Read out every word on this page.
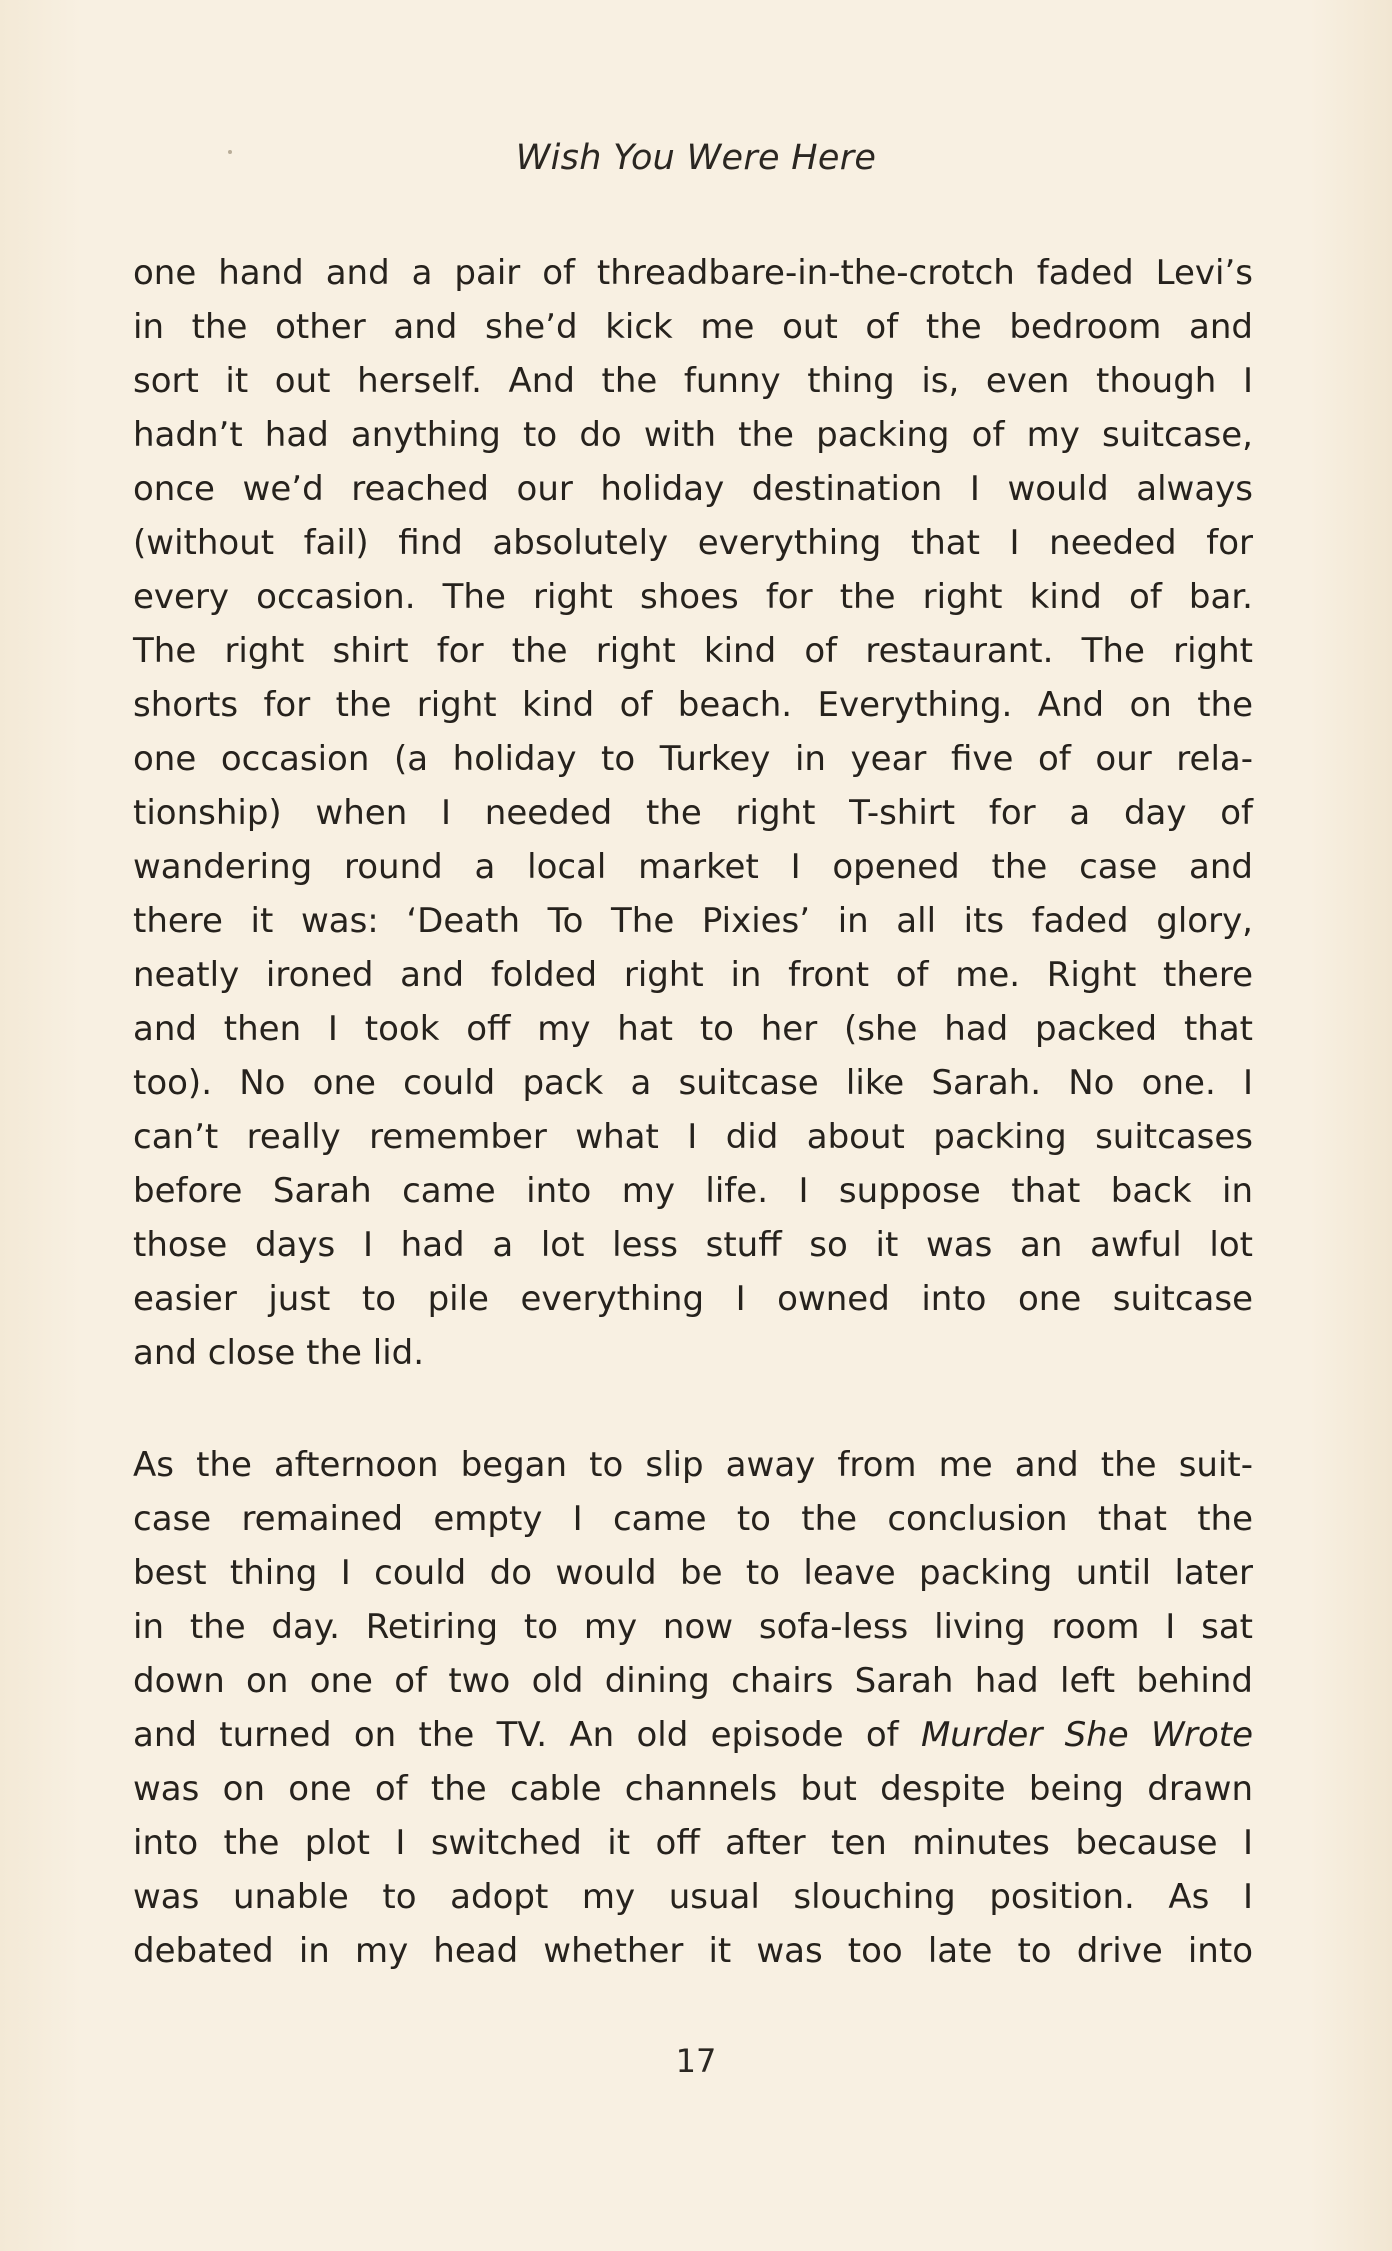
Wish You Were Here
one hand and a pair of threadbare-in-the-crotch faded Levi’s
in the other and she’d kick me out of the bedroom and
sort it out herself. And the funny thing is, even though I
hadn’t had anything to do with the packing of my suitcase,
once we’d reached our holiday destination I would always
(without fail) find absolutely everything that I needed for
every occasion. The right shoes for the right kind of bar.
The right shirt for the right kind of restaurant. The right
shorts for the right kind of beach. Everything. And on the
one occasion (a holiday to Turkey in year five of our rela-
tionship) when I needed the right T-shirt for a day of
wandering round a local market I opened the case and
there it was: ‘Death To The Pixies’ in all its faded glory,
neatly ironed and folded right in front of me. Right there
and then I took off my hat to her (she had packed that
too). No one could pack a suitcase like Sarah. No one. I
can’t really remember what I did about packing suitcases
before Sarah came into my life. I suppose that back in
those days I had a lot less stuff so it was an awful lot
easier just to pile everything I owned into one suitcase
and close the lid.
As the afternoon began to slip away from me and the suit-
case remained empty I came to the conclusion that the
best thing I could do would be to leave packing until later
in the day. Retiring to my now sofa-less living room I sat
down on one of two old dining chairs Sarah had left behind
and turned on the TV. An old episode of Murder She Wrote
was on one of the cable channels but despite being drawn
into the plot I switched it off after ten minutes because I
was unable to adopt my usual slouching position. As I
debated in my head whether it was too late to drive into
17
